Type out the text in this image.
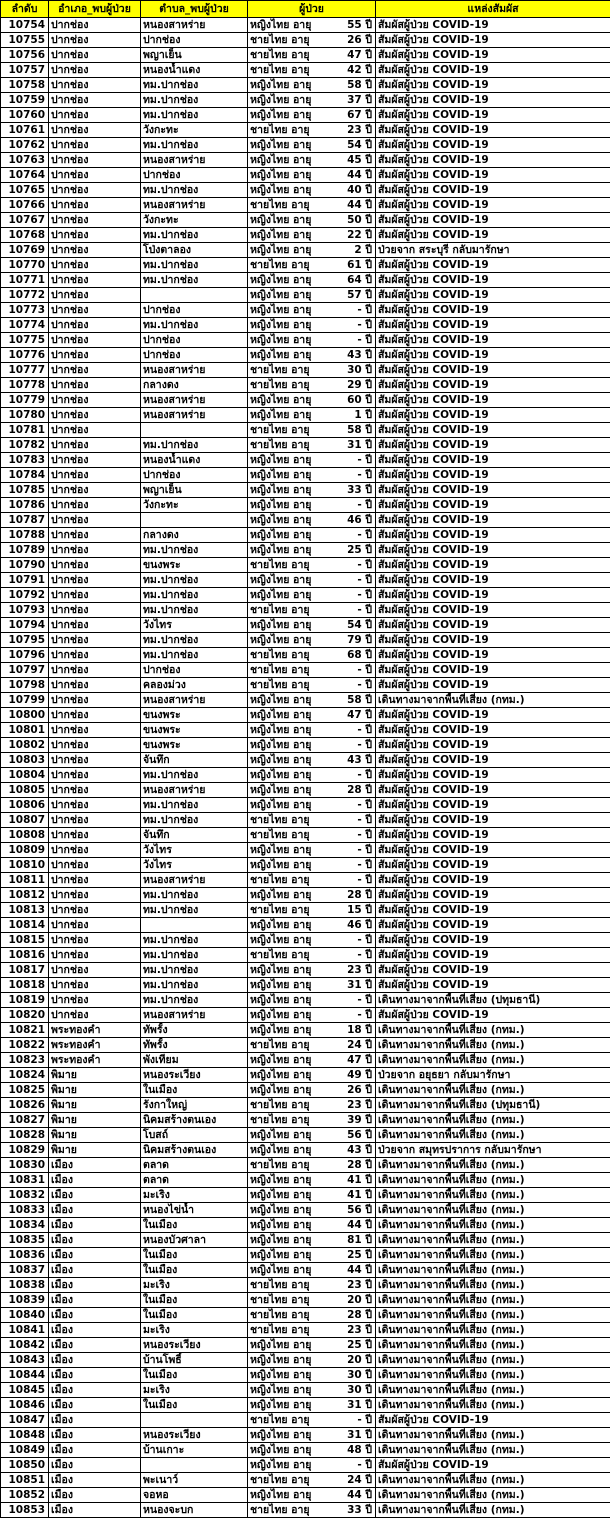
ลำดับ	อำเภอ_พบผู้ป่วย	ตำบล_พบผู้ป่วย	ผู้ป่วย	แหล่งสัมผัส
10754	ปากช่อง	หนองสาหร่าย	หญิงไทย อายุ 55 ปี	สัมผัสผู้ป่วย COVID-19
10755	ปากช่อง	ปากช่อง	ชายไทย อายุ 26 ปี	สัมผัสผู้ป่วย COVID-19
10756	ปากช่อง	พญาเย็น	ชายไทย อายุ 47 ปี	สัมผัสผู้ป่วย COVID-19
10757	ปากช่อง	หนองน้ำแดง	ชายไทย อายุ 42 ปี	สัมผัสผู้ป่วย COVID-19
10758	ปากช่อง	ทม.ปากช่อง	หญิงไทย อายุ 58 ปี	สัมผัสผู้ป่วย COVID-19
10759	ปากช่อง	ทม.ปากช่อง	หญิงไทย อายุ 37 ปี	สัมผัสผู้ป่วย COVID-19
10760	ปากช่อง	ทม.ปากช่อง	หญิงไทย อายุ 67 ปี	สัมผัสผู้ป่วย COVID-19
10761	ปากช่อง	วังกะทะ	ชายไทย อายุ 23 ปี	สัมผัสผู้ป่วย COVID-19
10762	ปากช่อง	ทม.ปากช่อง	หญิงไทย อายุ 54 ปี	สัมผัสผู้ป่วย COVID-19
10763	ปากช่อง	หนองสาหร่าย	หญิงไทย อายุ 45 ปี	สัมผัสผู้ป่วย COVID-19
10764	ปากช่อง	ปากช่อง	หญิงไทย อายุ 44 ปี	สัมผัสผู้ป่วย COVID-19
10765	ปากช่อง	ทม.ปากช่อง	หญิงไทย อายุ 40 ปี	สัมผัสผู้ป่วย COVID-19
10766	ปากช่อง	หนองสาหร่าย	ชายไทย อายุ 44 ปี	สัมผัสผู้ป่วย COVID-19
10767	ปากช่อง	วังกะทะ	หญิงไทย อายุ 50 ปี	สัมผัสผู้ป่วย COVID-19
10768	ปากช่อง	ทม.ปากช่อง	หญิงไทย อายุ 22 ปี	สัมผัสผู้ป่วย COVID-19
10769	ปากช่อง	โป่งตาลอง	หญิงไทย อายุ 2 ปี	ป่วยจาก สระบุรี กลับมารักษา
10770	ปากช่อง	ทม.ปากช่อง	ชายไทย อายุ 61 ปี	สัมผัสผู้ป่วย COVID-19
10771	ปากช่อง	ทม.ปากช่อง	หญิงไทย อายุ 64 ปี	สัมผัสผู้ป่วย COVID-19
10772	ปากช่อง		หญิงไทย อายุ 57 ปี	สัมผัสผู้ป่วย COVID-19
10773	ปากช่อง	ปากช่อง	หญิงไทย อายุ - ปี	สัมผัสผู้ป่วย COVID-19
10774	ปากช่อง	ทม.ปากช่อง	หญิงไทย อายุ - ปี	สัมผัสผู้ป่วย COVID-19
10775	ปากช่อง	ปากช่อง	หญิงไทย อายุ - ปี	สัมผัสผู้ป่วย COVID-19
10776	ปากช่อง	ปากช่อง	หญิงไทย อายุ 43 ปี	สัมผัสผู้ป่วย COVID-19
10777	ปากช่อง	หนองสาหร่าย	ชายไทย อายุ 30 ปี	สัมผัสผู้ป่วย COVID-19
10778	ปากช่อง	กลางดง	ชายไทย อายุ 29 ปี	สัมผัสผู้ป่วย COVID-19
10779	ปากช่อง	หนองสาหร่าย	หญิงไทย อายุ 60 ปี	สัมผัสผู้ป่วย COVID-19
10780	ปากช่อง	หนองสาหร่าย	หญิงไทย อายุ 1 ปี	สัมผัสผู้ป่วย COVID-19
10781	ปากช่อง		ชายไทย อายุ 58 ปี	สัมผัสผู้ป่วย COVID-19
10782	ปากช่อง	ทม.ปากช่อง	ชายไทย อายุ 31 ปี	สัมผัสผู้ป่วย COVID-19
10783	ปากช่อง	หนองน้ำแดง	หญิงไทย อายุ - ปี	สัมผัสผู้ป่วย COVID-19
10784	ปากช่อง	ปากช่อง	หญิงไทย อายุ - ปี	สัมผัสผู้ป่วย COVID-19
10785	ปากช่อง	พญาเย็น	หญิงไทย อายุ 33 ปี	สัมผัสผู้ป่วย COVID-19
10786	ปากช่อง	วังกะทะ	หญิงไทย อายุ - ปี	สัมผัสผู้ป่วย COVID-19
10787	ปากช่อง		หญิงไทย อายุ 46 ปี	สัมผัสผู้ป่วย COVID-19
10788	ปากช่อง	กลางดง	หญิงไทย อายุ - ปี	สัมผัสผู้ป่วย COVID-19
10789	ปากช่อง	ทม.ปากช่อง	หญิงไทย อายุ 25 ปี	สัมผัสผู้ป่วย COVID-19
10790	ปากช่อง	ขนงพระ	ชายไทย อายุ - ปี	สัมผัสผู้ป่วย COVID-19
10791	ปากช่อง	ทม.ปากช่อง	หญิงไทย อายุ - ปี	สัมผัสผู้ป่วย COVID-19
10792	ปากช่อง	ทม.ปากช่อง	หญิงไทย อายุ - ปี	สัมผัสผู้ป่วย COVID-19
10793	ปากช่อง	ทม.ปากช่อง	ชายไทย อายุ - ปี	สัมผัสผู้ป่วย COVID-19
10794	ปากช่อง	วังไทร	หญิงไทย อายุ 54 ปี	สัมผัสผู้ป่วย COVID-19
10795	ปากช่อง	ทม.ปากช่อง	หญิงไทย อายุ 79 ปี	สัมผัสผู้ป่วย COVID-19
10796	ปากช่อง	ทม.ปากช่อง	ชายไทย อายุ 68 ปี	สัมผัสผู้ป่วย COVID-19
10797	ปากช่อง	ปากช่อง	ชายไทย อายุ - ปี	สัมผัสผู้ป่วย COVID-19
10798	ปากช่อง	คลองม่วง	ชายไทย อายุ - ปี	สัมผัสผู้ป่วย COVID-19
10799	ปากช่อง	หนองสาหร่าย	หญิงไทย อายุ 58 ปี	เดินทางมาจากพื้นที่เสี่ยง (กทม.)
10800	ปากช่อง	ขนงพระ	หญิงไทย อายุ 47 ปี	สัมผัสผู้ป่วย COVID-19
10801	ปากช่อง	ขนงพระ	หญิงไทย อายุ - ปี	สัมผัสผู้ป่วย COVID-19
10802	ปากช่อง	ขนงพระ	หญิงไทย อายุ - ปี	สัมผัสผู้ป่วย COVID-19
10803	ปากช่อง	จันทึก	หญิงไทย อายุ 43 ปี	สัมผัสผู้ป่วย COVID-19
10804	ปากช่อง	ทม.ปากช่อง	หญิงไทย อายุ - ปี	สัมผัสผู้ป่วย COVID-19
10805	ปากช่อง	หนองสาหร่าย	หญิงไทย อายุ 28 ปี	สัมผัสผู้ป่วย COVID-19
10806	ปากช่อง	ทม.ปากช่อง	หญิงไทย อายุ - ปี	สัมผัสผู้ป่วย COVID-19
10807	ปากช่อง	ทม.ปากช่อง	ชายไทย อายุ - ปี	สัมผัสผู้ป่วย COVID-19
10808	ปากช่อง	จันทึก	ชายไทย อายุ - ปี	สัมผัสผู้ป่วย COVID-19
10809	ปากช่อง	วังไทร	หญิงไทย อายุ - ปี	สัมผัสผู้ป่วย COVID-19
10810	ปากช่อง	วังไทร	หญิงไทย อายุ - ปี	สัมผัสผู้ป่วย COVID-19
10811	ปากช่อง	หนองสาหร่าย	ชายไทย อายุ - ปี	สัมผัสผู้ป่วย COVID-19
10812	ปากช่อง	ทม.ปากช่อง	หญิงไทย อายุ 28 ปี	สัมผัสผู้ป่วย COVID-19
10813	ปากช่อง	ทม.ปากช่อง	ชายไทย อายุ 15 ปี	สัมผัสผู้ป่วย COVID-19
10814	ปากช่อง		หญิงไทย อายุ 46 ปี	สัมผัสผู้ป่วย COVID-19
10815	ปากช่อง	ทม.ปากช่อง	หญิงไทย อายุ - ปี	สัมผัสผู้ป่วย COVID-19
10816	ปากช่อง	ทม.ปากช่อง	ชายไทย อายุ - ปี	สัมผัสผู้ป่วย COVID-19
10817	ปากช่อง	ทม.ปากช่อง	หญิงไทย อายุ 23 ปี	สัมผัสผู้ป่วย COVID-19
10818	ปากช่อง	ทม.ปากช่อง	หญิงไทย อายุ 31 ปี	สัมผัสผู้ป่วย COVID-19
10819	ปากช่อง	ทม.ปากช่อง	หญิงไทย อายุ - ปี	เดินทางมาจากพื้นที่เสี่ยง (ปทุมธานี)
10820	ปากช่อง	หนองสาหร่าย	หญิงไทย อายุ - ปี	สัมผัสผู้ป่วย COVID-19
10821	พระทองคำ	ทัพรั้ง	หญิงไทย อายุ 18 ปี	เดินทางมาจากพื้นที่เสี่ยง (กทม.)
10822	พระทองคำ	ทัพรั้ง	ชายไทย อายุ 24 ปี	เดินทางมาจากพื้นที่เสี่ยง (กทม.)
10823	พระทองคำ	พังเทียม	หญิงไทย อายุ 47 ปี	เดินทางมาจากพื้นที่เสี่ยง (กทม.)
10824	พิมาย	หนองระเวียง	หญิงไทย อายุ 49 ปี	ป่วยจาก อยุธยา กลับมารักษา
10825	พิมาย	ในเมือง	หญิงไทย อายุ 26 ปี	เดินทางมาจากพื้นที่เสี่ยง (กทม.)
10826	พิมาย	รังกาใหญ่	ชายไทย อายุ 23 ปี	เดินทางมาจากพื้นที่เสี่ยง (ปทุมธานี)
10827	พิมาย	นิคมสร้างตนเอง	ชายไทย อายุ 39 ปี	เดินทางมาจากพื้นที่เสี่ยง (กทม.)
10828	พิมาย	โบสถ์	หญิงไทย อายุ 56 ปี	เดินทางมาจากพื้นที่เสี่ยง (กทม.)
10829	พิมาย	นิคมสร้างตนเอง	หญิงไทย อายุ 43 ปี	ป่วยจาก สมุทรปราการ กลับมารักษา
10830	เมือง	ตลาด	ชายไทย อายุ 28 ปี	เดินทางมาจากพื้นที่เสี่ยง (กทม.)
10831	เมือง	ตลาด	หญิงไทย อายุ 41 ปี	เดินทางมาจากพื้นที่เสี่ยง (กทม.)
10832	เมือง	มะเริง	หญิงไทย อายุ 41 ปี	เดินทางมาจากพื้นที่เสี่ยง (กทม.)
10833	เมือง	หนองไข่น้ำ	หญิงไทย อายุ 56 ปี	เดินทางมาจากพื้นที่เสี่ยง (กทม.)
10834	เมือง	ในเมือง	หญิงไทย อายุ 44 ปี	เดินทางมาจากพื้นที่เสี่ยง (กทม.)
10835	เมือง	หนองบัวศาลา	หญิงไทย อายุ 81 ปี	เดินทางมาจากพื้นที่เสี่ยง (กทม.)
10836	เมือง	ในเมือง	หญิงไทย อายุ 25 ปี	เดินทางมาจากพื้นที่เสี่ยง (กทม.)
10837	เมือง	ในเมือง	หญิงไทย อายุ 44 ปี	เดินทางมาจากพื้นที่เสี่ยง (กทม.)
10838	เมือง	มะเริง	ชายไทย อายุ 23 ปี	เดินทางมาจากพื้นที่เสี่ยง (กทม.)
10839	เมือง	ในเมือง	ชายไทย อายุ 20 ปี	เดินทางมาจากพื้นที่เสี่ยง (กทม.)
10840	เมือง	ในเมือง	ชายไทย อายุ 28 ปี	เดินทางมาจากพื้นที่เสี่ยง (กทม.)
10841	เมือง	มะเริง	ชายไทย อายุ 23 ปี	เดินทางมาจากพื้นที่เสี่ยง (กทม.)
10842	เมือง	หนองระเวียง	หญิงไทย อายุ 25 ปี	เดินทางมาจากพื้นที่เสี่ยง (กทม.)
10843	เมือง	บ้านโพธิ์	หญิงไทย อายุ 20 ปี	เดินทางมาจากพื้นที่เสี่ยง (กทม.)
10844	เมือง	ในเมือง	หญิงไทย อายุ 30 ปี	เดินทางมาจากพื้นที่เสี่ยง (กทม.)
10845	เมือง	มะเริง	หญิงไทย อายุ 30 ปี	เดินทางมาจากพื้นที่เสี่ยง (กทม.)
10846	เมือง	ในเมือง	หญิงไทย อายุ 31 ปี	เดินทางมาจากพื้นที่เสี่ยง (กทม.)
10847	เมือง		ชายไทย อายุ - ปี	สัมผัสผู้ป่วย COVID-19
10848	เมือง	หนองระเวียง	หญิงไทย อายุ 31 ปี	เดินทางมาจากพื้นที่เสี่ยง (กทม.)
10849	เมือง	บ้านเกาะ	หญิงไทย อายุ 48 ปี	เดินทางมาจากพื้นที่เสี่ยง (กทม.)
10850	เมือง		หญิงไทย อายุ - ปี	สัมผัสผู้ป่วย COVID-19
10851	เมือง	พะเนาว์	ชายไทย อายุ 24 ปี	เดินทางมาจากพื้นที่เสี่ยง (กทม.)
10852	เมือง	จอหอ	หญิงไทย อายุ 44 ปี	เดินทางมาจากพื้นที่เสี่ยง (กทม.)
10853	เมือง	หนองจะบก	ชายไทย อายุ 33 ปี	เดินทางมาจากพื้นที่เสี่ยง (กทม.)
